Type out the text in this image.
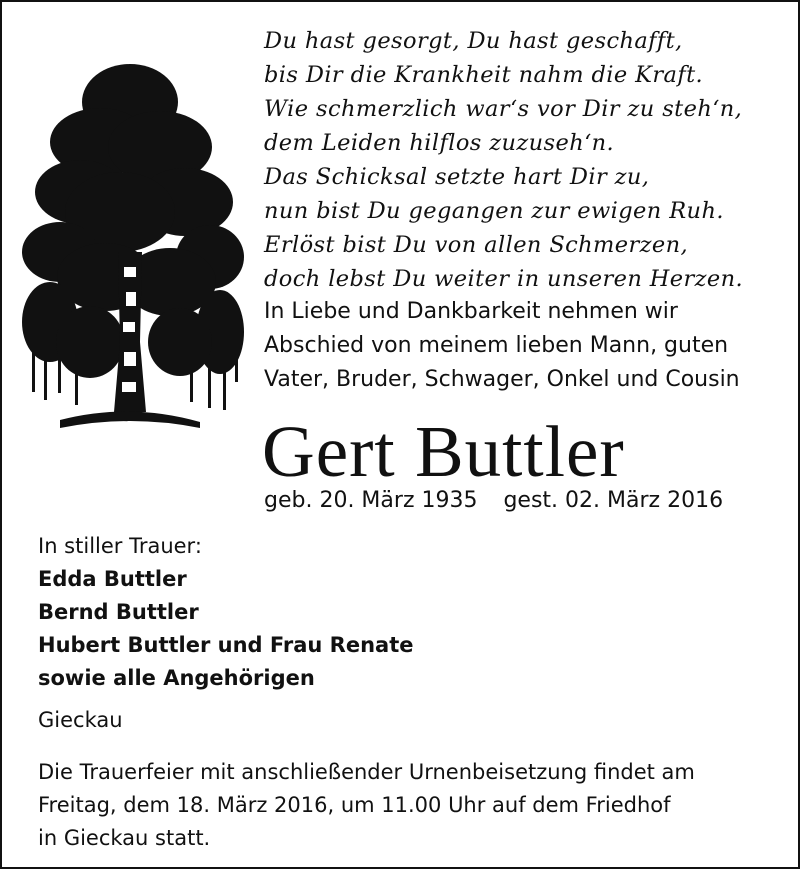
Du hast gesorgt, Du hast geschafft,
bis Dir die Krankheit nahm die Kraft.
Wie schmerzlich war‘s vor Dir zu steh‘n,
dem Leiden hilflos zuzuseh‘n.
Das Schicksal setzte hart Dir zu,
nun bist Du gegangen zur ewigen Ruh.
Erlöst bist Du von allen Schmerzen,
doch lebst Du weiter in unseren Herzen.
In Liebe und Dankbarkeit nehmen wir
Abschied von meinem lieben Mann, guten
Vater, Bruder, Schwager, Onkel und Cousin
Gert Buttler
geb. 20. März 1935 gest. 02. März 2016
In stiller Trauer:
Edda Buttler
Bernd Buttler
Hubert Buttler und Frau Renate
sowie alle Angehörigen
Gieckau
Die Trauerfeier mit anschließender Urnenbeisetzung findet am
Freitag, dem 18. März 2016, um 11.00 Uhr auf dem Friedhof
in Gieckau statt.
